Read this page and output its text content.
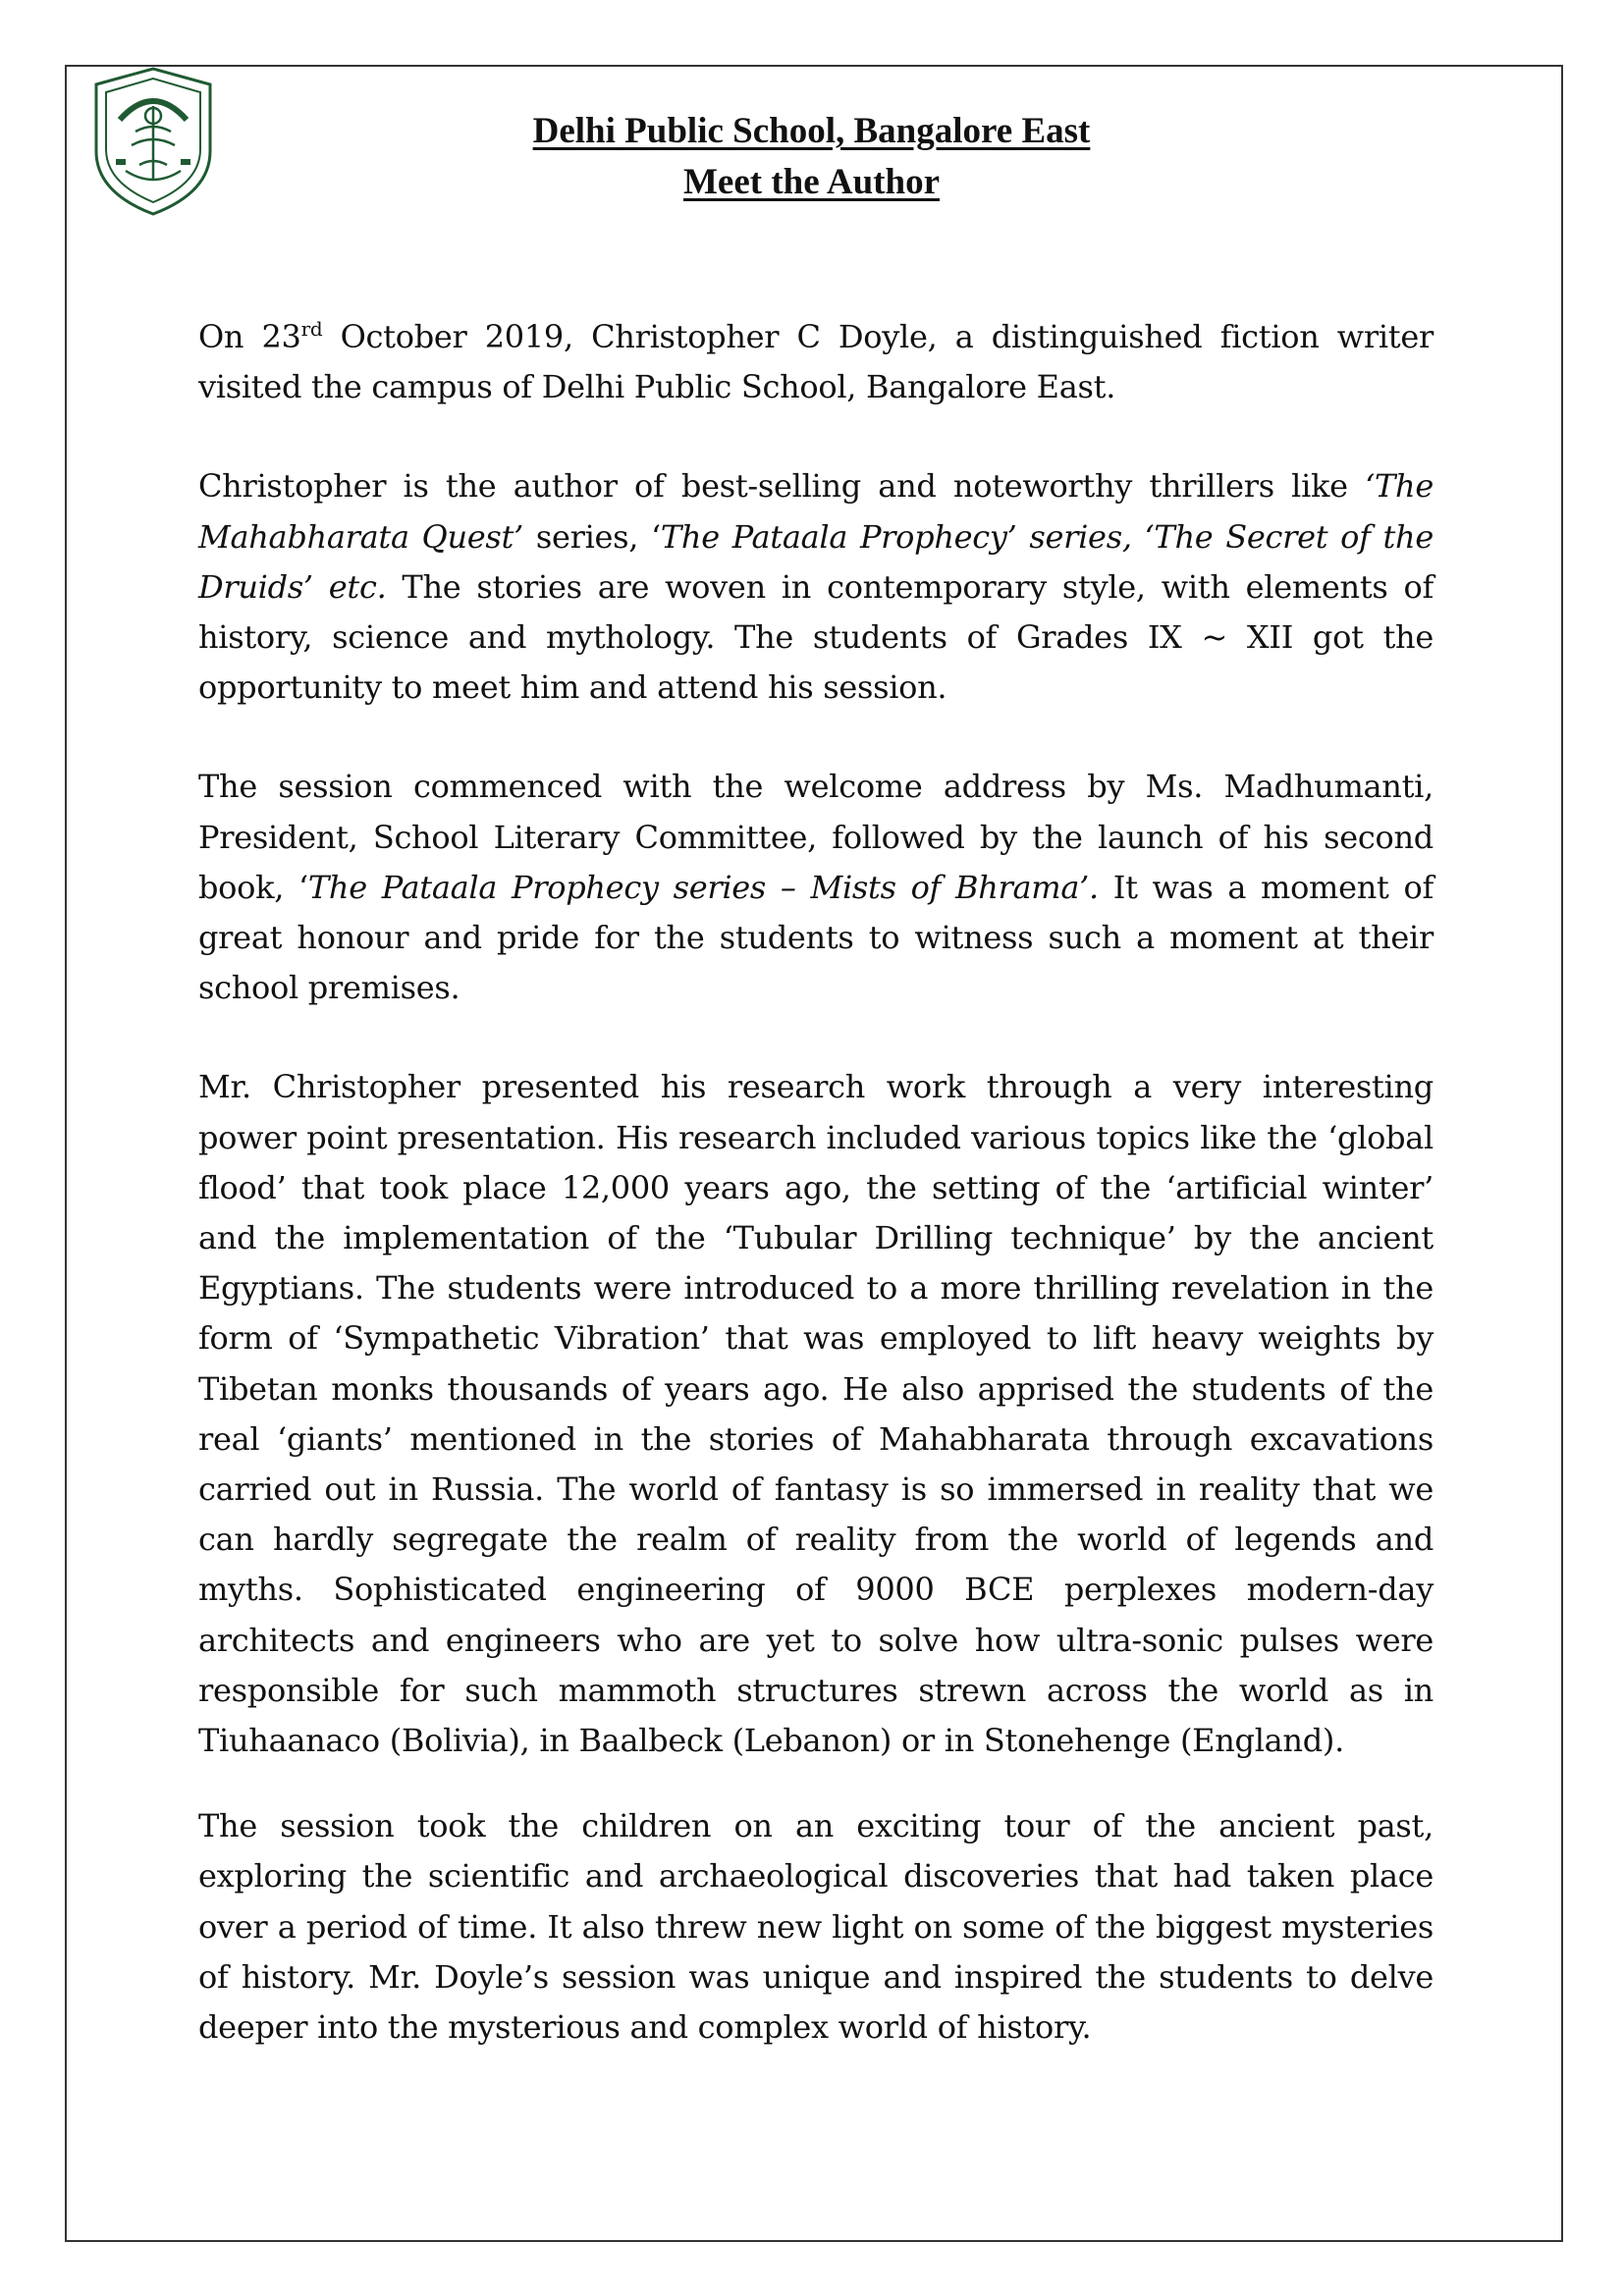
Delhi Public School, Bangalore East
Meet the Author

On 23rd October 2019, Christopher C Doyle, a distinguished fiction writer visited the campus of Delhi Public School, Bangalore East.

Christopher is the author of best-selling and noteworthy thrillers like ‘The Mahabharata Quest’ series, ‘The Pataala Prophecy’ series, ‘The Secret of the Druids’ etc. The stories are woven in contemporary style, with elements of history, science and mythology. The students of Grades IX ~ XII got the opportunity to meet him and attend his session.

The session commenced with the welcome address by Ms. Madhumanti, President, School Literary Committee, followed by the launch of his second book, ‘The Pataala Prophecy series – Mists of Bhrama’. It was a moment of great honour and pride for the students to witness such a moment at their school premises.

Mr. Christopher presented his research work through a very interesting power point presentation. His research included various topics like the ‘global flood’ that took place 12,000 years ago, the setting of the ‘artificial winter’ and the implementation of the ‘Tubular Drilling technique’ by the ancient Egyptians. The students were introduced to a more thrilling revelation in the form of ‘Sympathetic Vibration’ that was employed to lift heavy weights by Tibetan monks thousands of years ago. He also apprised the students of the real ‘giants’ mentioned in the stories of Mahabharata through excavations carried out in Russia. The world of fantasy is so immersed in reality that we can hardly segregate the realm of reality from the world of legends and myths. Sophisticated engineering of 9000 BCE perplexes modern-day architects and engineers who are yet to solve how ultra-sonic pulses were responsible for such mammoth structures strewn across the world as in Tiuhaanaco (Bolivia), in Baalbeck (Lebanon) or in Stonehenge (England).

The session took the children on an exciting tour of the ancient past, exploring the scientific and archaeological discoveries that had taken place over a period of time. It also threw new light on some of the biggest mysteries of history. Mr. Doyle’s session was unique and inspired the students to delve deeper into the mysterious and complex world of history.
